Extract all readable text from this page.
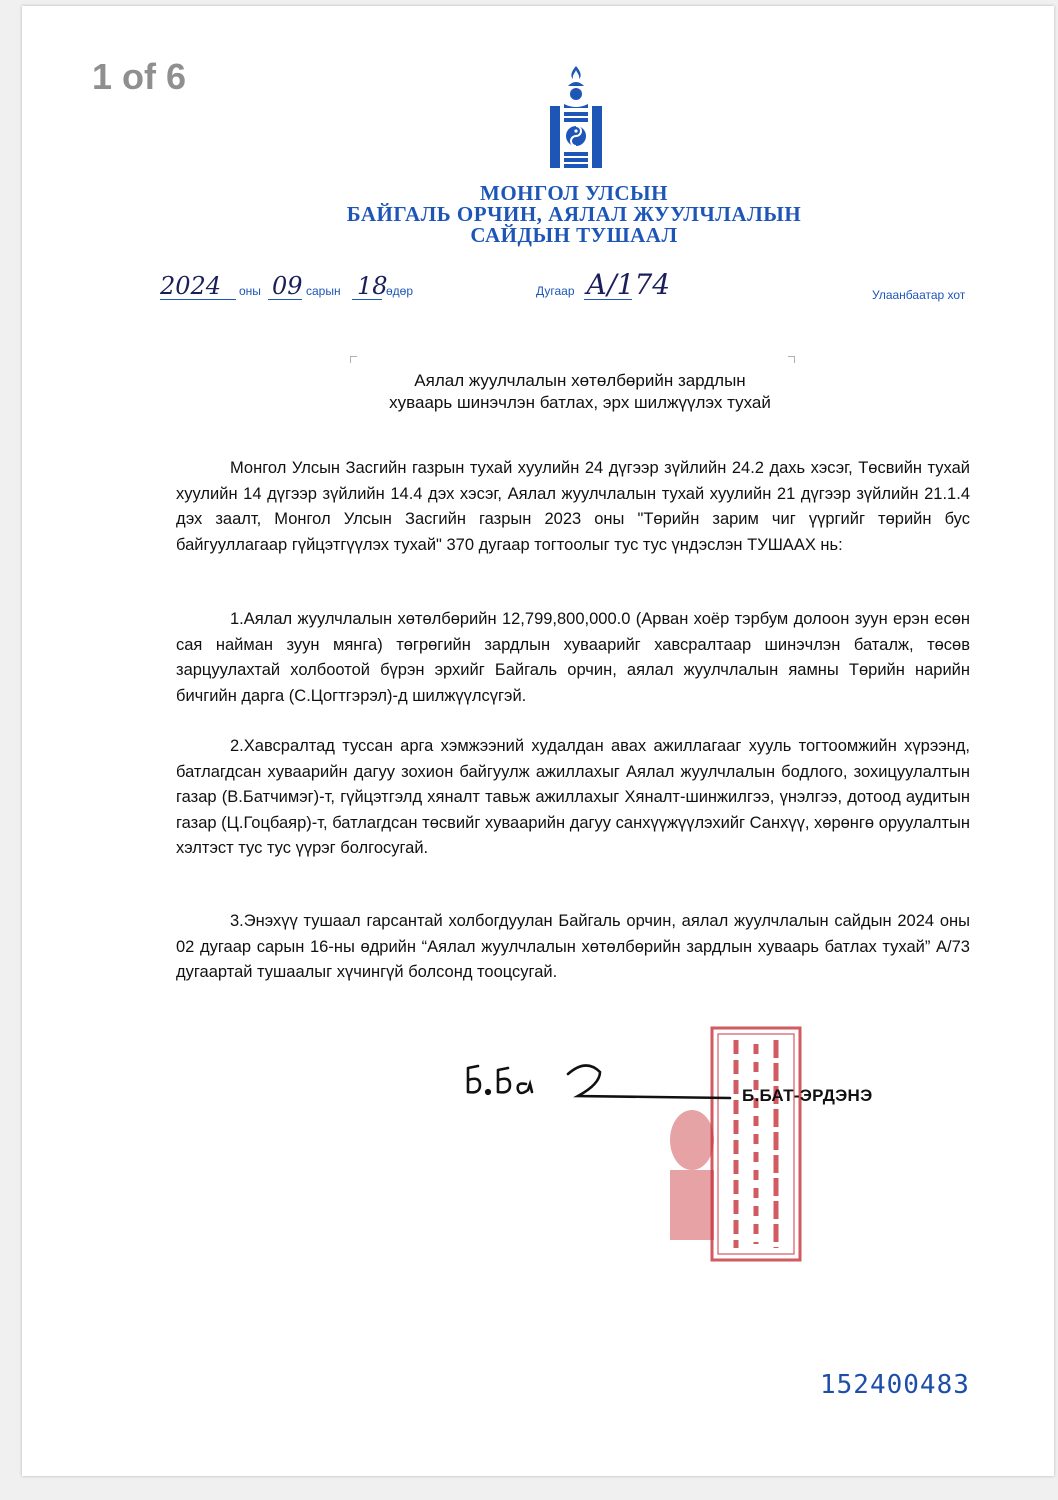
1 of 6
МОНГОЛ УЛСЫН
БАЙГАЛЬ ОРЧИН, АЯЛАЛ ЖУУЛЧЛАЛЫН
САЙДЫН ТУШААЛ
2024 оны 09 сарын 18
өдөр	Дугаар А/174	Улаанбаатар хот
Аялал жуулчлалын хөтөлбөрийн зардлын
хуваарь шинэчлэн батлах, эрх шилжүүлэх тухай

Монгол Улсын Засгийн газрын тухай хуулийн 24 дүгээр зүйлийн 24.2 дахь хэсэг, Төсвийн тухай хуулийн 14 дүгээр зүйлийн 14.4 дэх хэсэг, Аялал жуулчлалын тухай хуулийн 21 дүгээр зүйлийн 21.1.4 дэх заалт, Монгол Улсын Засгийн газрын 2023 оны "Төрийн зарим чиг үүргийг төрийн бус байгууллагаар гүйцэтгүүлэх тухай" 370 дугаар тогтоолыг тус тус үндэслэн ТУШААХ нь:

1.Аялал жуулчлалын хөтөлбөрийн 12,799,800,000.0 (Арван хоёр тэрбум долоон зуун ерэн есөн сая найман зуун мянга) төгрөгийн зардлын хуваарийг хавсралтаар шинэчлэн баталж, төсөв зарцуулахтай холбоотой бүрэн эрхийг Байгаль орчин, аялал жуулчлалын яамны Төрийн нарийн бичгийн дарга (С.Цогтгэрэл)-д шилжүүлсүгэй.

2.Хавсралтад туссан арга хэмжээний худалдан авах ажиллагааг хууль тогтоомжийн хүрээнд, батлагдсан хуваарийн дагуу зохион байгуулж ажиллахыг Аялал жуулчлалын бодлого, зохицуулалтын газар (В.Батчимэг)-т, гүйцэтгэлд хяналт тавьж ажиллахыг Хяналт-шинжилгээ, үнэлгээ, дотоод аудитын газар (Ц.Гоцбаяр)-т, батлагдсан төсвийг хуваарийн дагуу санхүүжүүлэхийг Санхүү, хөрөнгө оруулалтын хэлтэст тус тус үүрэг болгосугай.

3.Энэхүү тушаал гарсантай холбогдуулан Байгаль орчин, аялал жуулчлалын сайдын 2024 оны 02 дугаар сарын 16-ны өдрийн “Аялал жуулчлалын хөтөлбөрийн зардлын хуваарь батлах тухай” А/73 дугаартай тушаалыг хүчингүй болсонд тооцсугай.

Б.БАТ-ЭРДЭНЭ
152400483
